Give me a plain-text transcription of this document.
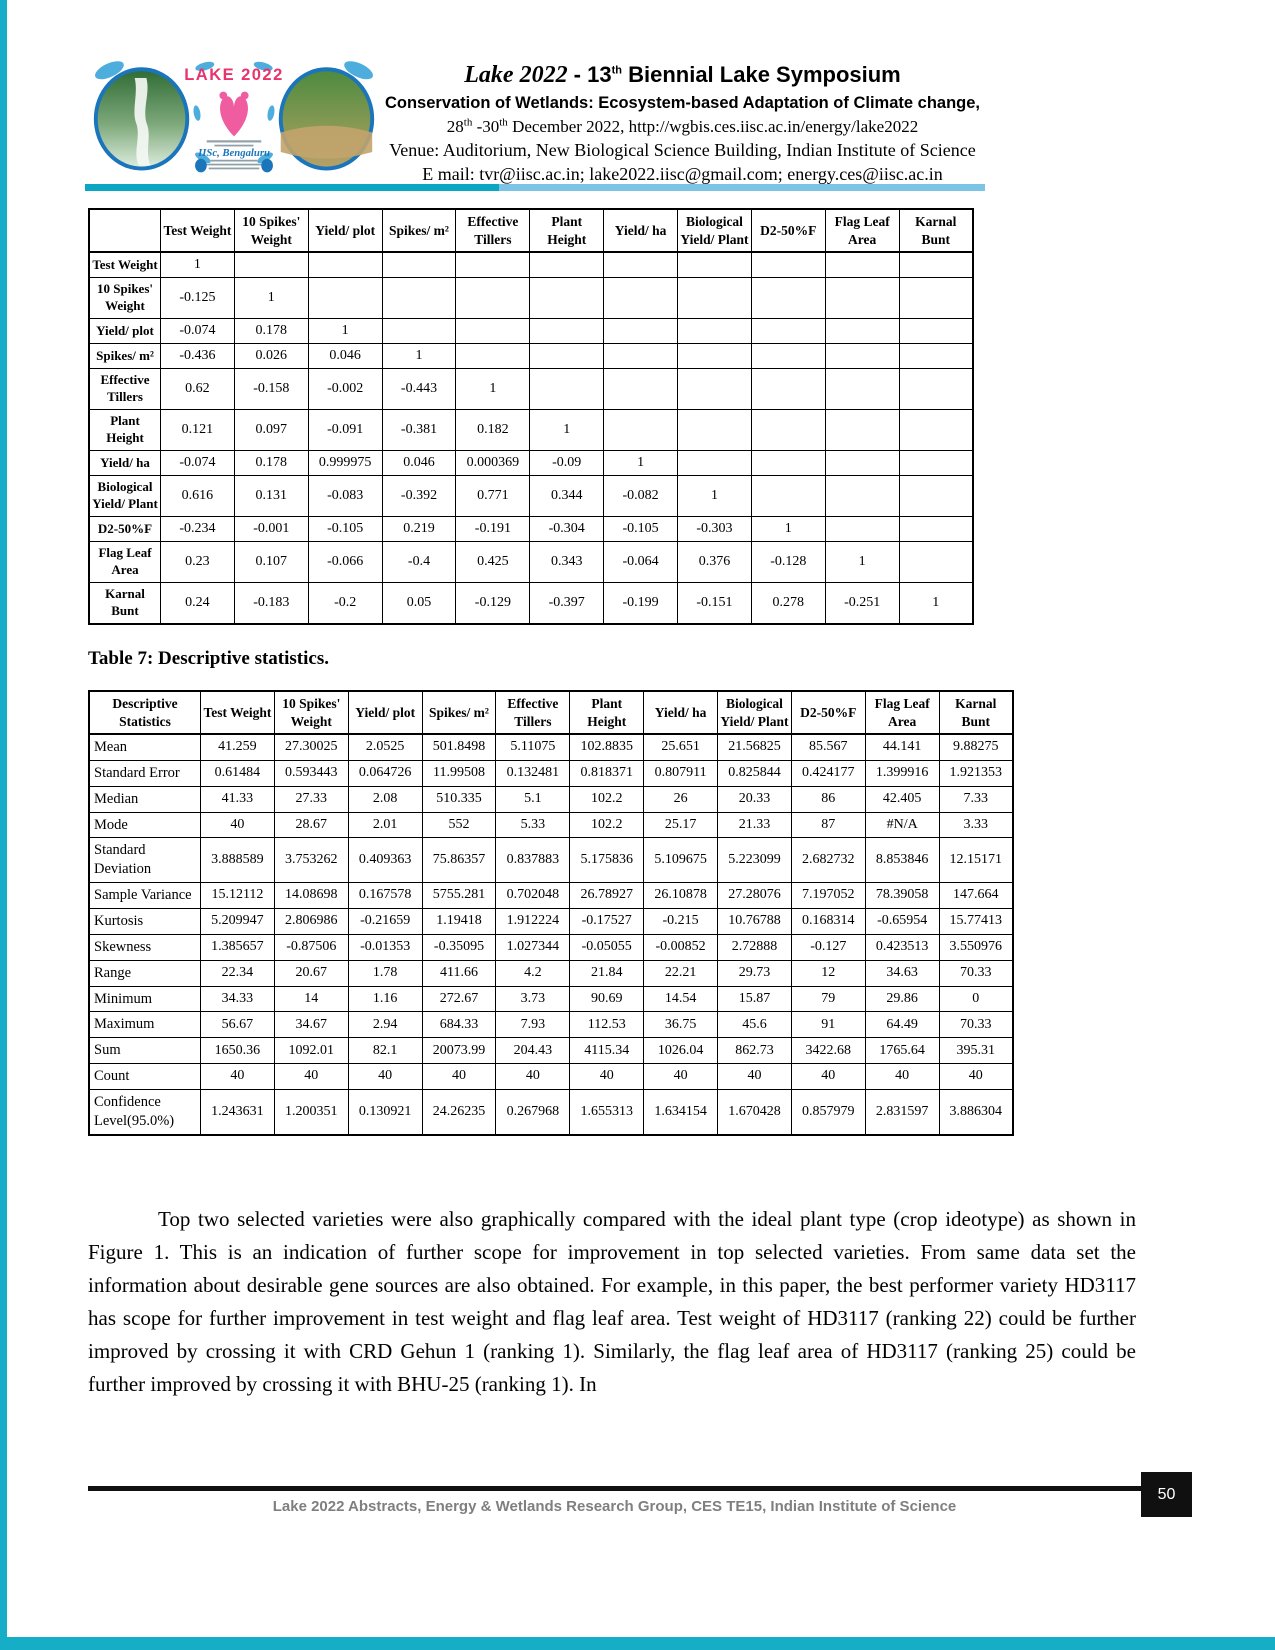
LAKE 2022
IISc, Bengaluru
Lake 2022 - 13th Biennial Lake Symposium
Conservation of Wetlands: Ecosystem-based Adaptation of Climate change,
28th -30th December 2022, http://wgbis.ces.iisc.ac.in/energy/lake2022
Venue: Auditorium, New Biological Science Building, Indian Institute of Science
E mail: tvr@iisc.ac.in; lake2022.iisc@gmail.com; energy.ces@iisc.ac.in
	Test Weight	10 Spikes' Weight	Yield/ plot	Spikes/ m²	Effective Tillers	Plant Height	Yield/ ha	Biological Yield/ Plant	D2-50%F	Flag Leaf Area	Karnal Bunt
Test Weight	1										
10 Spikes' Weight	-0.125	1									
Yield/ plot	-0.074	0.178	1								
Spikes/ m²	-0.436	0.026	0.046	1							
Effective Tillers	0.62	-0.158	-0.002	-0.443	1						
Plant Height	0.121	0.097	-0.091	-0.381	0.182	1					
Yield/ ha	-0.074	0.178	0.999975	0.046	0.000369	-0.09	1				
Biological Yield/ Plant	0.616	0.131	-0.083	-0.392	0.771	0.344	-0.082	1			
D2-50%F	-0.234	-0.001	-0.105	0.219	-0.191	-0.304	-0.105	-0.303	1		
Flag Leaf Area	0.23	0.107	-0.066	-0.4	0.425	0.343	-0.064	0.376	-0.128	1	
Karnal Bunt	0.24	-0.183	-0.2	0.05	-0.129	-0.397	-0.199	-0.151	0.278	-0.251	1
Table 7: Descriptive statistics.
Descriptive Statistics	Test Weight	10 Spikes' Weight	Yield/ plot	Spikes/ m²	Effective Tillers	Plant Height	Yield/ ha	Biological Yield/ Plant	D2-50%F	Flag Leaf Area	Karnal Bunt
Mean	41.259	27.30025	2.0525	501.8498	5.11075	102.8835	25.651	21.56825	85.567	44.141	9.88275
Standard Error	0.61484	0.593443	0.064726	11.99508	0.132481	0.818371	0.807911	0.825844	0.424177	1.399916	1.921353
Median	41.33	27.33	2.08	510.335	5.1	102.2	26	20.33	86	42.405	7.33
Mode	40	28.67	2.01	552	5.33	102.2	25.17	21.33	87	#N/A	3.33
Standard Deviation	3.888589	3.753262	0.409363	75.86357	0.837883	5.175836	5.109675	5.223099	2.682732	8.853846	12.15171
Sample Variance	15.12112	14.08698	0.167578	5755.281	0.702048	26.78927	26.10878	27.28076	7.197052	78.39058	147.664
Kurtosis	5.209947	2.806986	-0.21659	1.19418	1.912224	-0.17527	-0.215	10.76788	0.168314	-0.65954	15.77413
Skewness	1.385657	-0.87506	-0.01353	-0.35095	1.027344	-0.05055	-0.00852	2.72888	-0.127	0.423513	3.550976
Range	22.34	20.67	1.78	411.66	4.2	21.84	22.21	29.73	12	34.63	70.33
Minimum	34.33	14	1.16	272.67	3.73	90.69	14.54	15.87	79	29.86	0
Maximum	56.67	34.67	2.94	684.33	7.93	112.53	36.75	45.6	91	64.49	70.33
Sum	1650.36	1092.01	82.1	20073.99	204.43	4115.34	1026.04	862.73	3422.68	1765.64	395.31
Count	40	40	40	40	40	40	40	40	40	40	40
Confidence Level(95.0%)	1.243631	1.200351	0.130921	24.26235	0.267968	1.655313	1.634154	1.670428	0.857979	2.831597	3.886304

Top two selected varieties were also graphically compared with the ideal plant type (crop ideotype) as shown in Figure 1. This is an indication of further scope for improvement in top selected varieties. From same data set the information about desirable gene sources are also obtained. For example, in this paper, the best performer variety HD3117 has scope for further improvement in test weight and flag leaf area. Test weight of HD3117 (ranking 22) could be further improved by crossing it with CRD Gehun 1 (ranking 1). Similarly, the flag leaf area of HD3117 (ranking 25) could be further improved by crossing it with BHU-25 (ranking 1). In

50
Lake 2022 Abstracts, Energy & Wetlands Research Group, CES TE15, Indian Institute of Science
